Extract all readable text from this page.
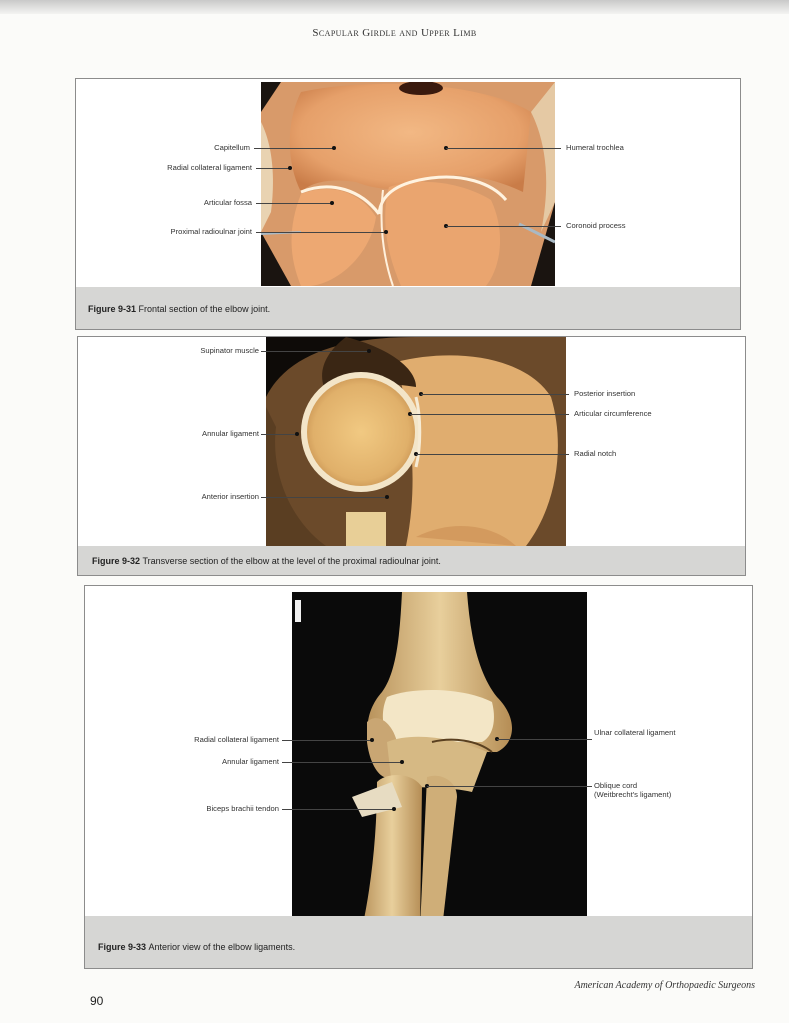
Scapular Girdle and Upper Limb
Capitellum
Radial collateral ligament
Articular fossa
Proximal radioulnar joint
Humeral trochlea
Coronoid process
Figure 9-31 Frontal section of the elbow joint.
Supinator muscle
Annular ligament
Anterior insertion
Posterior insertion
Articular circumference
Radial notch
Figure 9-32 Transverse section of the elbow at the level of the proximal radioulnar joint.
Radial collateral ligament
Annular ligament
Biceps brachii tendon
Ulnar collateral ligament
Oblique cord
(Weitbrecht's ligament)
Figure 9-33 Anterior view of the elbow ligaments.
American Academy of Orthopaedic Surgeons
90
